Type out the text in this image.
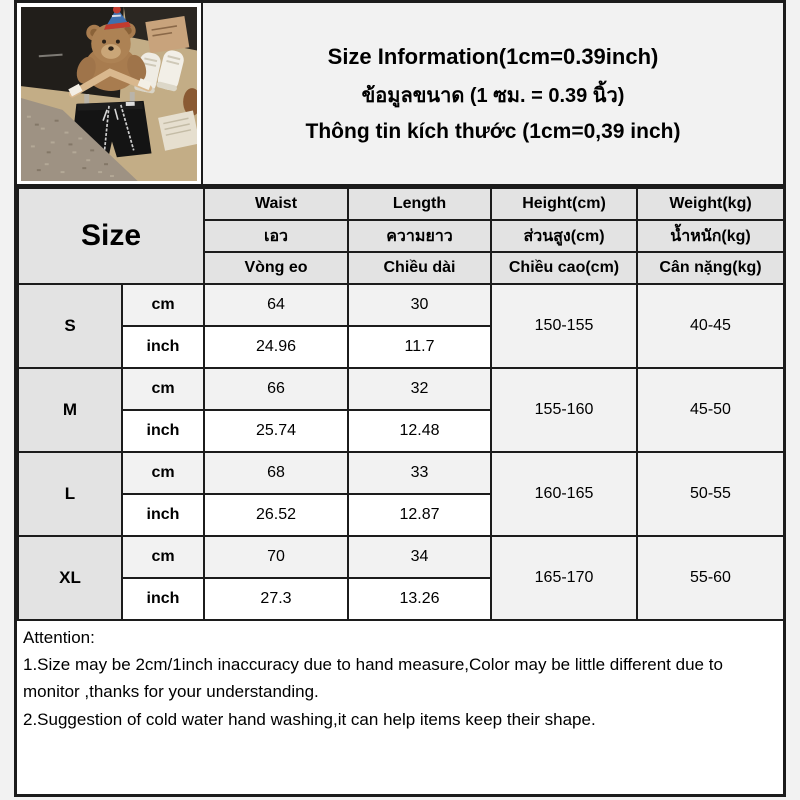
Size Information(1cm=0.39inch)
ข้อมูลขนาด (1 ซม. = 0.39 นิ้ว)
Thông tin kích thước (1cm=0,39 inch)
Size		Waist	Length	Height(cm)	Weight(kg)
		เอว	ความยาว	ส่วนสูง(cm)	น้ำหนัก(kg)
		Vòng eo	Chiều dài	Chiều cao(cm)	Cân nặng(kg)
S	cm	64	30	150-155	40-45
	inch	24.96	11.7		
M	cm	66	32	155-160	45-50
	inch	25.74	12.48		
L	cm	68	33	160-165	50-55
	inch	26.52	12.87		
XL	cm	70	34	165-170	55-60
	inch	27.3	13.26		
Attention:
1.Size may be 2cm/1inch inaccuracy due to hand measure,Color may be little different due to monitor ,thanks for your understanding.
2.Suggestion of cold water hand washing,it can help items keep their shape.
